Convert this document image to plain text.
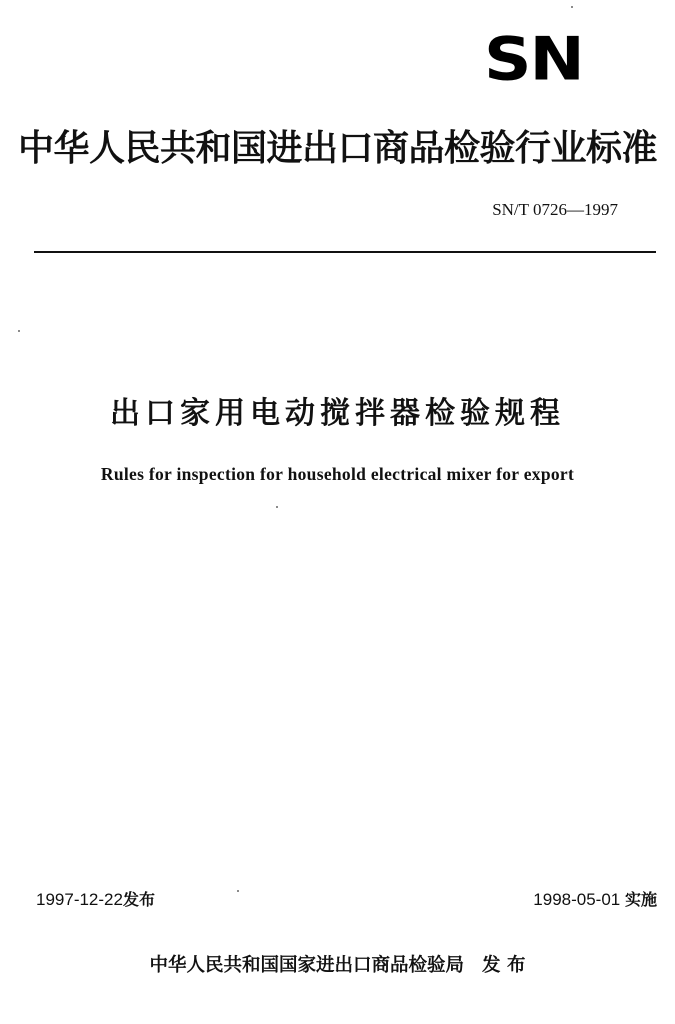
SN
中华人民共和国进出口商品检验行业标准
SN/T 0726—1997
出口家用电动搅拌器检验规程
Rules for inspection for household electrical mixer for export
1997-12-22发布	1998-05-01 实施
中华人民共和国国家进出口商品检验局 发 布
